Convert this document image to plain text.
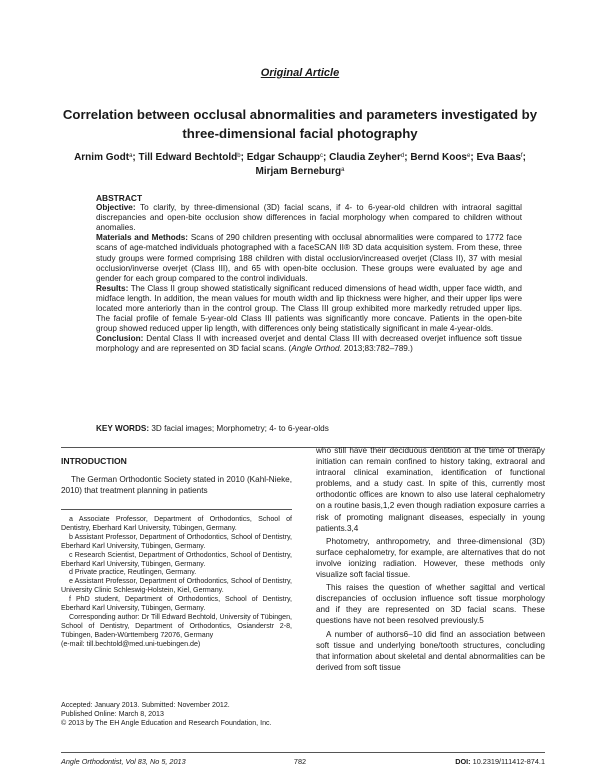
Original Article
Correlation between occlusal abnormalities and parameters investigated by three-dimensional facial photography
Arnim Godt$^a$; Till Edward Bechtold$^b$; Edgar Schaupp$^c$; Claudia Zeyher$^d$; Bernd Koos$^e$; Eva Baas$^f$;
Mirjam Berneburg$^a$
ABSTRACT

Objective: To clarify, by three-dimensional (3D) facial scans, if 4- to 6-year-old children with intraoral sagittal discrepancies and open-bite occlusion show differences in facial morphology when compared to children without anomalies.

Materials and Methods: Scans of 290 children presenting with occlusal abnormalities were compared to 1772 face scans of age-matched individuals photographed with a faceSCAN II® 3D data acquisition system. From these, three study groups were formed comprising 188 children with distal occlusion/increased overjet (Class II), 37 with mesial occlusion/inverse overjet (Class III), and 65 with open-bite occlusion. These groups were evaluated by age and gender for each group compared to the control individuals.

Results: The Class II group showed statistically significant reduced dimensions of head width, upper face width, and midface length. In addition, the mean values for mouth width and lip thickness were higher, and their upper lips were located more anteriorly than in the control group. The Class III group exhibited more markedly retruded upper lips. The facial profile of female 5-year-old Class III patients was significantly more concave. Patients in the open-bite group showed reduced upper lip length, with differences only being statistically significant in male 4-year-olds.

Conclusion: Dental Class II with increased overjet and dental Class III with decreased overjet influence soft tissue morphology and are represented on 3D facial scans. (Angle Orthod. 2013;83:782–789.)

KEY WORDS: 3D facial images; Morphometry; 4- to 6-year-olds
INTRODUCTION

The German Orthodontic Society stated in 2010 (Kahl-Nieke, 2010) that treatment planning in patients

a Associate Professor, Department of Orthodontics, School of Dentistry, Eberhard Karl University, Tübingen, Germany.

b Assistant Professor, Department of Orthodontics, School of Dentistry, Eberhard Karl University, Tübingen, Germany.

c Research Scientist, Department of Orthodontics, School of Dentistry, Eberhard Karl University, Tübingen, Germany.

d Private practice, Reutlingen, Germany.

e Assistant Professor, Department of Orthodontics, School of Dentistry, University Clinic Schleswig-Holstein, Kiel, Germany.

f PhD student, Department of Orthodontics, School of Dentistry, Eberhard Karl University, Tübingen, Germany.

Corresponding author: Dr Till Edward Bechtold, University of Tübingen, School of Dentistry, Department of Orthodontics, Osianderstr 2-8, Tübingen, Baden-Württemberg 72076, Germany

(e-mail: till.bechtold@med.uni-tuebingen.de)

Accepted: January 2013. Submitted: November 2012.

Published Online: March 8, 2013

© 2013 by The EH Angle Education and Research Foundation, Inc.

who still have their deciduous dentition at the time of therapy initiation can remain confined to history taking, extraoral and intraoral clinical examination, identification of functional problems, and a study cast. In spite of this, currently most orthodontic offices are known to also use lateral cephalometry on a routine basis,1,2 even though radiation exposure carries a risk of promoting malignant diseases, especially in young patients.3,4

Photometry, anthropometry, and three-dimensional (3D) surface cephalometry, for example, are alternatives that do not involve ionizing radiation. However, these methods only visualize soft facial tissue.

This raises the question of whether sagittal and vertical discrepancies of occlusion influence soft tissue morphology and if they are represented on 3D facial scans. These questions have not been resolved previously.5

A number of authors6–10 did find an association between soft tissue and underlying bone/tooth structures, concluding that information about skeletal and dental abnormalities can be derived from soft tissue

Angle Orthodontist, Vol 83, No 5, 2013	782	DOI: 10.2319/111412-874.1
